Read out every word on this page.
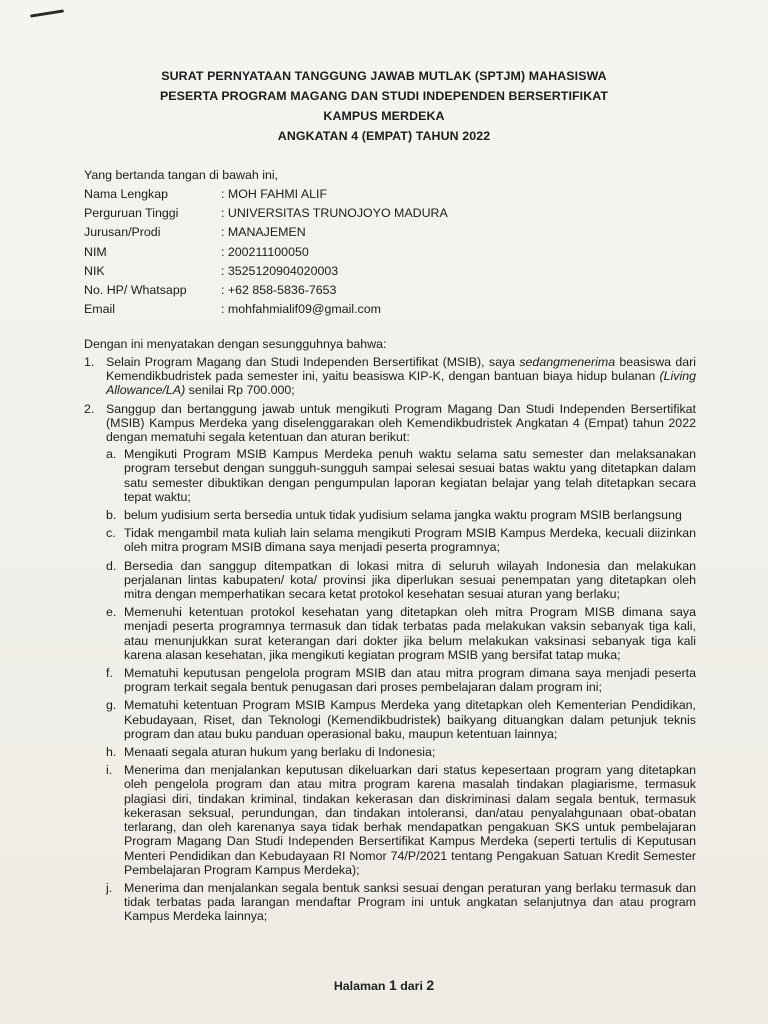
SURAT PERNYATAAN TANGGUNG JAWAB MUTLAK (SPTJM) MAHASISWA
PESERTA PROGRAM MAGANG DAN STUDI INDEPENDEN BERSERTIFIKAT
KAMPUS MERDEKA
ANGKATAN 4 (EMPAT) TAHUN 2022
Yang bertanda tangan di bawah ini,
Nama Lengkap	: MOH FAHMI ALIF
Perguruan Tinggi	: UNIVERSITAS TRUNOJOYO MADURA
Jurusan/Prodi	: MANAJEMEN
NIM	: 200211100050
NIK	: 3525120904020003
No. HP/ Whatsapp	: +62 858-5836-7653
Email	: mohfahmialif09@gmail.com
Dengan ini menyatakan dengan sesungguhnya bahwa:
1. Selain Program Magang dan Studi Independen Bersertifikat (MSIB), saya sedangmenerima beasiswa dari Kemendikbudristek pada semester ini, yaitu beasiswa KIP-K, dengan bantuan biaya hidup bulanan (Living Allowance/LA) senilai Rp 700.000;
2. Sanggup dan bertanggung jawab untuk mengikuti Program Magang Dan Studi Independen Bersertifikat (MSIB) Kampus Merdeka yang diselenggarakan oleh Kemendikbudristek Angkatan 4 (Empat) tahun 2022 dengan mematuhi segala ketentuan dan aturan berikut:
a. Mengikuti Program MSIB Kampus Merdeka penuh waktu selama satu semester dan melaksanakan program tersebut dengan sungguh-sungguh sampai selesai sesuai batas waktu yang ditetapkan dalam satu semester dibuktikan dengan pengumpulan laporan kegiatan belajar yang telah ditetapkan secara tepat waktu;
b. belum yudisium serta bersedia untuk tidak yudisium selama jangka waktu program MSIB berlangsung
c. Tidak mengambil mata kuliah lain selama mengikuti Program MSIB Kampus Merdeka, kecuali diizinkan oleh mitra program MSIB dimana saya menjadi peserta programnya;
d. Bersedia dan sanggup ditempatkan di lokasi mitra di seluruh wilayah Indonesia dan melakukan perjalanan lintas kabupaten/ kota/ provinsi jika diperlukan sesuai penempatan yang ditetapkan oleh mitra dengan memperhatikan secara ketat protokol kesehatan sesuai aturan yang berlaku;
e. Memenuhi ketentuan protokol kesehatan yang ditetapkan oleh mitra Program MISB dimana saya menjadi peserta programnya termasuk dan tidak terbatas pada melakukan vaksin sebanyak tiga kali, atau menunjukkan surat keterangan dari dokter jika belum melakukan vaksinasi sebanyak tiga kali karena alasan kesehatan, jika mengikuti kegiatan program MSIB yang bersifat tatap muka;
f. Mematuhi keputusan pengelola program MSIB dan atau mitra program dimana saya menjadi peserta program terkait segala bentuk penugasan dari proses pembelajaran dalam program ini;
g. Mematuhi ketentuan Program MSIB Kampus Merdeka yang ditetapkan oleh Kementerian Pendidikan, Kebudayaan, Riset, dan Teknologi (Kemendikbudristek) baikyang dituangkan dalam petunjuk teknis program dan atau buku panduan operasional baku, maupun ketentuan lainnya;
h. Menaati segala aturan hukum yang berlaku di Indonesia;
i. Menerima dan menjalankan keputusan dikeluarkan dari status kepesertaan program yang ditetapkan oleh pengelola program dan atau mitra program karena masalah tindakan plagiarisme, termasuk plagiasi diri, tindakan kriminal, tindakan kekerasan dan diskriminasi dalam segala bentuk, termasuk kekerasan seksual, perundungan, dan tindakan intoleransi, dan/atau penyalahgunaan obat-obatan terlarang, dan oleh karenanya saya tidak berhak mendapatkan pengakuan SKS untuk pembelajaran Program Magang Dan Studi Independen Bersertifikat Kampus Merdeka (seperti tertulis di Keputusan Menteri Pendidikan dan Kebudayaan RI Nomor 74/P/2021 tentang Pengakuan Satuan Kredit Semester Pembelajaran Program Kampus Merdeka);
j. Menerima dan menjalankan segala bentuk sanksi sesuai dengan peraturan yang berlaku termasuk dan tidak terbatas pada larangan mendaftar Program ini untuk angkatan selanjutnya dan atau program Kampus Merdeka lainnya;
Halaman 1 dari 2
